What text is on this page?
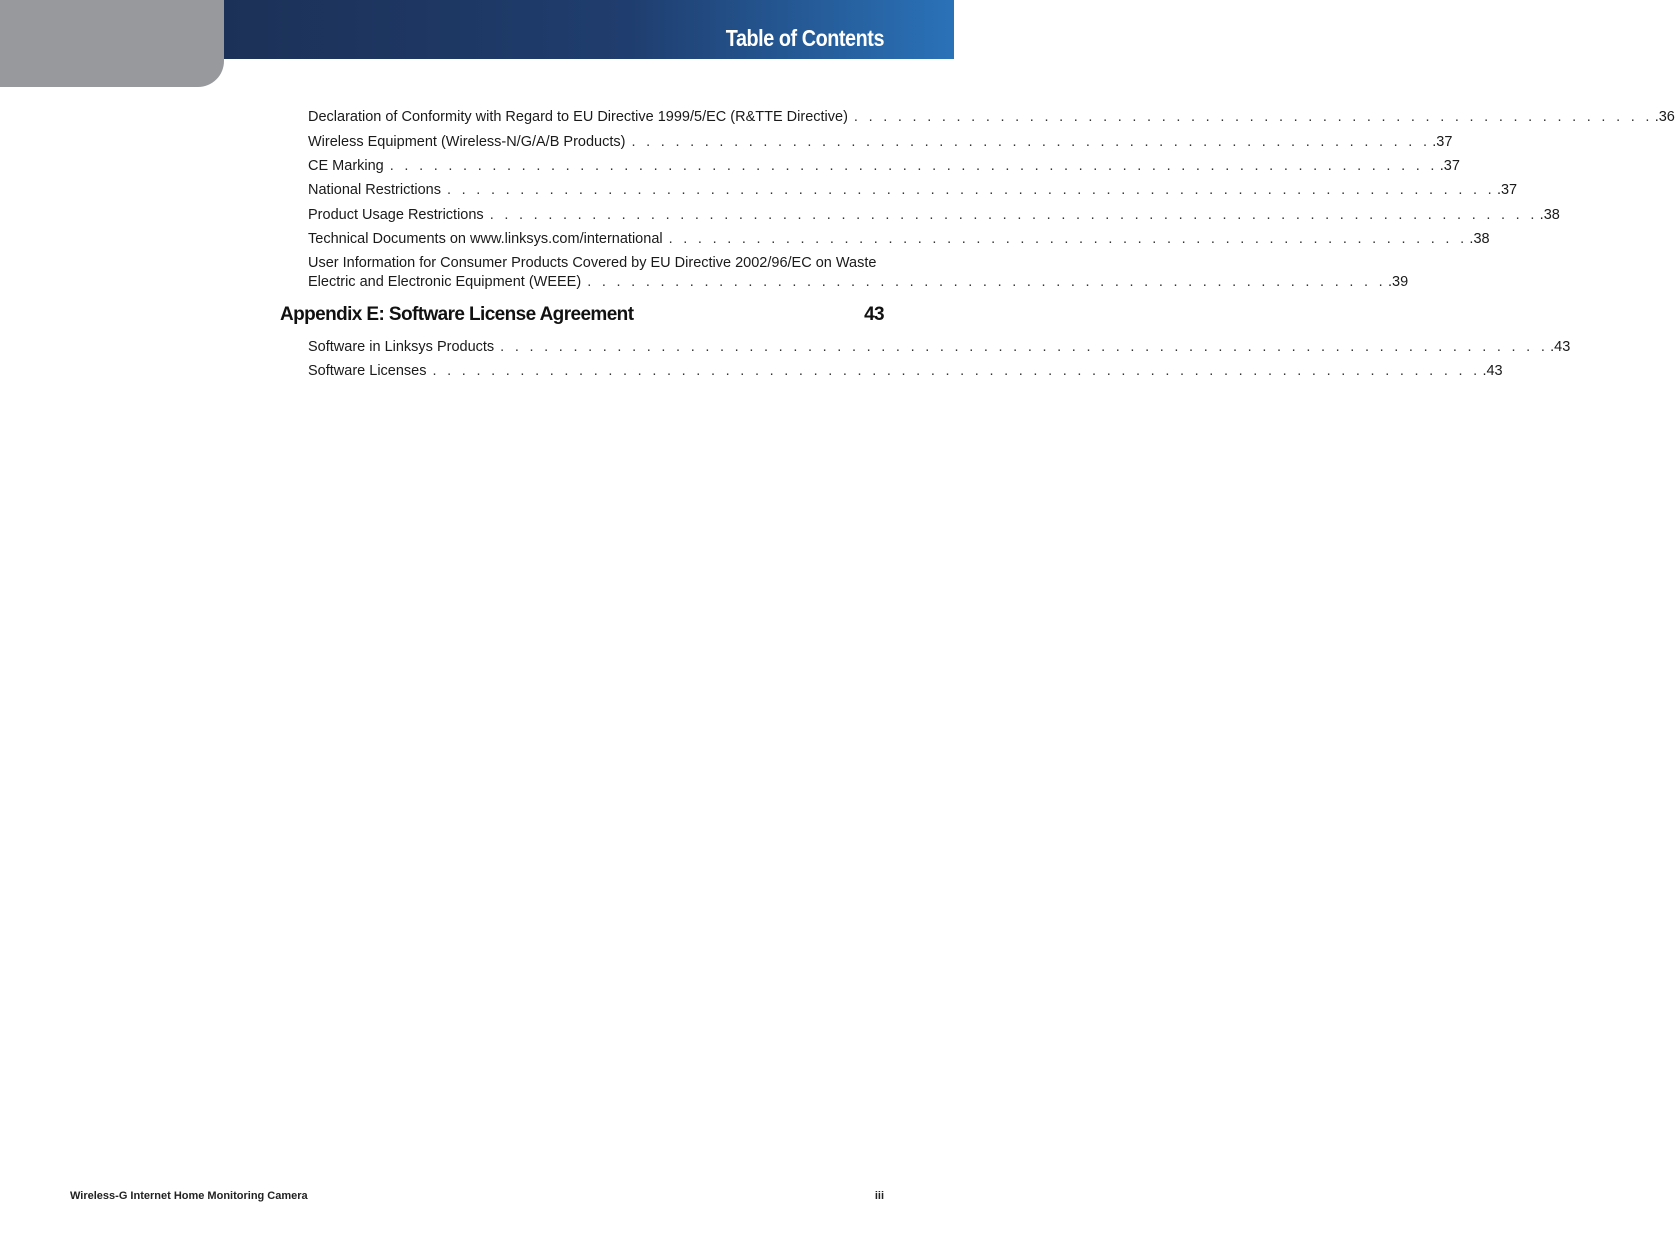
Table of Contents
Declaration of Conformity with Regard to EU Directive 1999/5/EC (R&TTE Directive) . . . . . . . . . . . . . . . . . . . . . . . . . . . . . . . . . . . . . . . . . . . . . . . . . . . . . . . .36
Wireless Equipment (Wireless-N/G/A/B Products) . . . . . . . . . . . . . . . . . . . . . . . . . . . . . . . . . . . . . . . . . . . . . . . . . . . . . . . .37
CE Marking . . . . . . . . . . . . . . . . . . . . . . . . . . . . . . . . . . . . . . . . . . . . . . . . . . . . . . . . . . . . . . . . . . . . . . . . .37
National Restrictions . . . . . . . . . . . . . . . . . . . . . . . . . . . . . . . . . . . . . . . . . . . . . . . . . . . . . . . . . . . . . . . . . . . . . . . . .37
Product Usage Restrictions . . . . . . . . . . . . . . . . . . . . . . . . . . . . . . . . . . . . . . . . . . . . . . . . . . . . . . . . . . . . . . . . . . . . . . . . .38
Technical Documents on www.linksys.com/international . . . . . . . . . . . . . . . . . . . . . . . . . . . . . . . . . . . . . . . . . . . . . . . . . . . . . . . .38
User Information for Consumer Products Covered by EU Directive 2002/96/EC on Waste
Electric and Electronic Equipment (WEEE) . . . . . . . . . . . . . . . . . . . . . . . . . . . . . . . . . . . . . . . . . . . . . . . . . . . . . . . .39
Appendix E: Software License Agreement	43
Software in Linksys Products . . . . . . . . . . . . . . . . . . . . . . . . . . . . . . . . . . . . . . . . . . . . . . . . . . . . . . . . . . . . . . . . . . . . . . . . .43
Software Licenses . . . . . . . . . . . . . . . . . . . . . . . . . . . . . . . . . . . . . . . . . . . . . . . . . . . . . . . . . . . . . . . . . . . . . . . . .43
Wireless-G Internet Home Monitoring Camera	iii
